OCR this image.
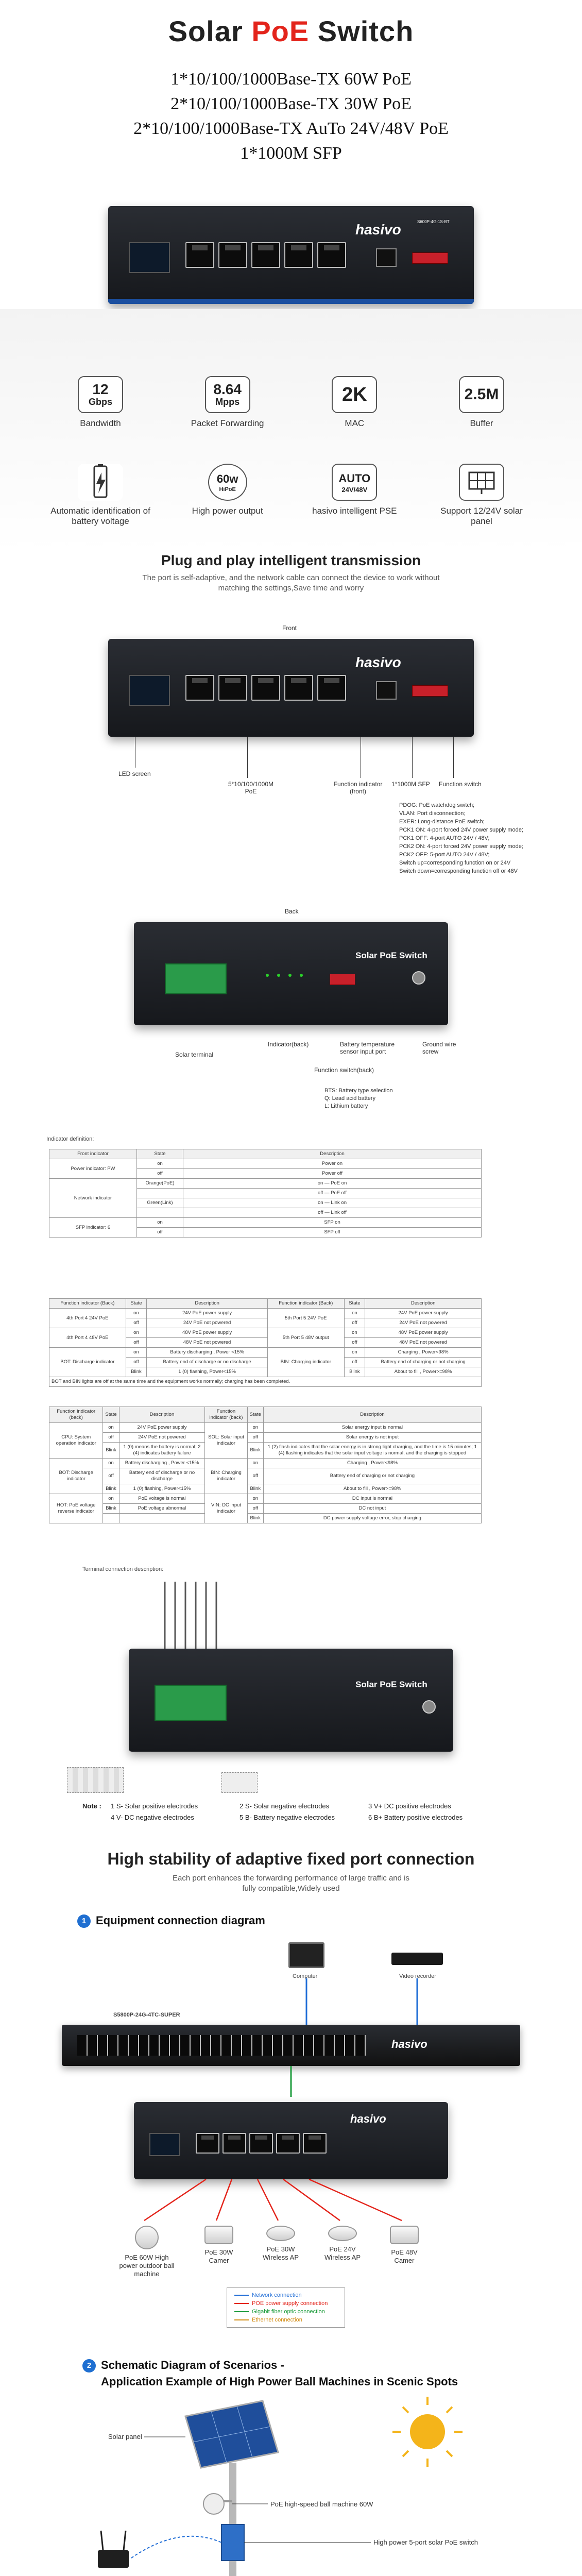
Solar PoE Switch
1*10/100/1000Base-TX 60W PoE
2*10/100/1000Base-TX 30W PoE
2*10/100/1000Base-TX AuTo 24V/48V PoE
1*1000M SFP
hasivo	S600P-4G-1S-BT
12
Gbps
Bandwidth
8.64
Mpps
Packet Forwarding
2K
MAC
2.5M
Buffer
Automatic identification of battery voltage
60w
HiPoE
High power output
AUTO
24V/48V
hasivo intelligent PSE	Support 12/24V solar panel
Plug and play intelligent transmission
The port is self-adaptive, and the network cable can connect the device to work without
matching the settings,Save time and worry
Front
hasivo
LED screen
5*10/100/1000M PoE
Function indicator (front)
1*1000M SFP Function switch
PDOG: PoE watchdog switch;
VLAN: Port disconnection;
EXER: Long-distance PoE switch;
PCK1 ON: 4-port forced 24V power supply mode;
PCK1 OFF: 4-port AUTO 24V / 48V;
PCK2 ON: 4-port forced 24V power supply mode;
PCK2 OFF: 5-port AUTO 24V / 48V;
Switch up=corresponding function on or 24V
Switch down=corresponding function off or 48V
Back
Solar PoE Switch
Solar terminal
Indicator(back)	Battery temperature sensor input port
Ground wire screw
Function switch(back)
BTS: Battery type selection
Q: Lead acid battery
L: Lithium battery
Indicator definition:
Front indicator	State	Description
Power indicator: PW	on	Power on
	off	Power off
Network indicator	Orange(PoE)	on — PoE on
		off — PoE off
	Green(Link)	on — Link on
		off — Link off
SFP indicator: 6	on	SFP on
	off	SFP off
Function indicator (Back)	State	Description	Function indicator (Back)	State	Description
4th Port 4 24V PoE	on	24V PoE power supply	5th Port 5 24V PoE	on	24V PoE power supply
	off	24V PoE not powered		off	24V PoE not powered
4th Port 4 48V PoE	on	48V PoE power supply	5th Port 5 48V output	on	48V PoE power supply
	off	48V PoE not powered		off	48V PoE not powered
BOT: Discharge indicator	on	Battery discharging , Power <15%	BIN: Charging indicator	on	Charging , Power<98%
	off	Battery end of discharge or no discharge		off	Battery end of charging or not charging
	Blink	1 (0) flashing, Power<15%		Blink	About to fill , Power>=98%
BOT and BIN lights are off at the same time and the equipment works normally; charging has been completed.					
Function indicator (back)	State	Description	Function indicator (back)	State	Description
CPU: System operation indicator	on	24V PoE power supply	SOL: Solar input indicator	on	Solar energy input is normal
	off	24V PoE not powered		off	Solar energy is not input
	Blink	1 (0) means the battery is normal; 2 (4) indicates battery failure		Blink	1 (2) flash indicates that the solar energy is in strong light charging, and the time is 15 minutes; 1 (4) flashing indicates that the solar input voltage is normal, and the charging is stopped
BOT: Discharge indicator	on	Battery discharging , Power <15%	BIN: Charging indicator	on	Charging , Power<98%
	off	Battery end of discharge or no discharge		off	Battery end of charging or not charging
	Blink	1 (0) flashing, Power<15%		Blink	About to fill , Power>=98%
HOT: PoE voltage reverse indicator	on	PoE voltage is normal	VIN: DC input indicator	on	DC input is normal
	Blink	PoE voltage abnormal		off	DC not input
				Blink	DC power supply voltage error, stop charging
Terminal connection description:
Solar PoE Switch
Note :	1 S- Solar positive electrodes	2 S- Solar negative electrodes	3 V+ DC positive electrodes
4 V- DC negative electrodes	5 B- Battery negative electrodes	6 B+ Battery positive electrodes
High stability of adaptive fixed port connection
Each port enhances the forwarding performance of large traffic and is
fully compatible,Widely used
1 Equipment connection diagram
Computer	Video recorder
S5800P-24G-4TC-SUPER
hasivo
hasivo
PoE 60W High power outdoor ball machine
PoE 30W Camer
PoE 30W Wireless AP
PoE 24V Wireless AP
PoE 48V Camer
Network connection
POE power supply connection
Gigabit fiber optic connection
Ethernet connection
2 Schematic Diagram of Scenarios -
Application Example of High Power Ball Machines in Scenic Spots
Solar panel
PoE high-speed ball machine 60W
High power 5-port solar PoE switch
